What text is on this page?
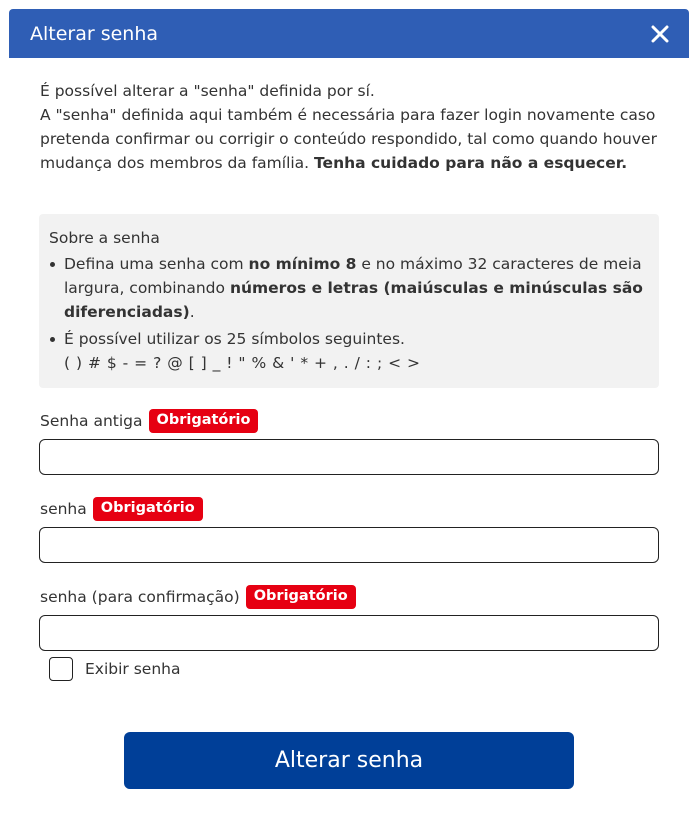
Alterar senha
É possível alterar a "senha" definida por sí.
A "senha" definida aqui também é necessária para fazer login novamente caso pretenda confirmar ou corrigir o conteúdo respondido, tal como quando houver mudança dos membros da família. Tenha cuidado para não a esquecer.
Sobre a senha
Defina uma senha com no mínimo 8 e no máximo 32 caracteres de meia largura, combinando números e letras (maiúsculas e minúsculas são diferenciadas).
É possível utilizar os 25 símbolos seguintes.
( ) # $ - = ? @ [ ] _ ! " % & ' * + , . / : ; < >
Senha antiga Obrigatório
senha Obrigatório
senha (para confirmação) Obrigatório
Exibir senha
Alterar senha
